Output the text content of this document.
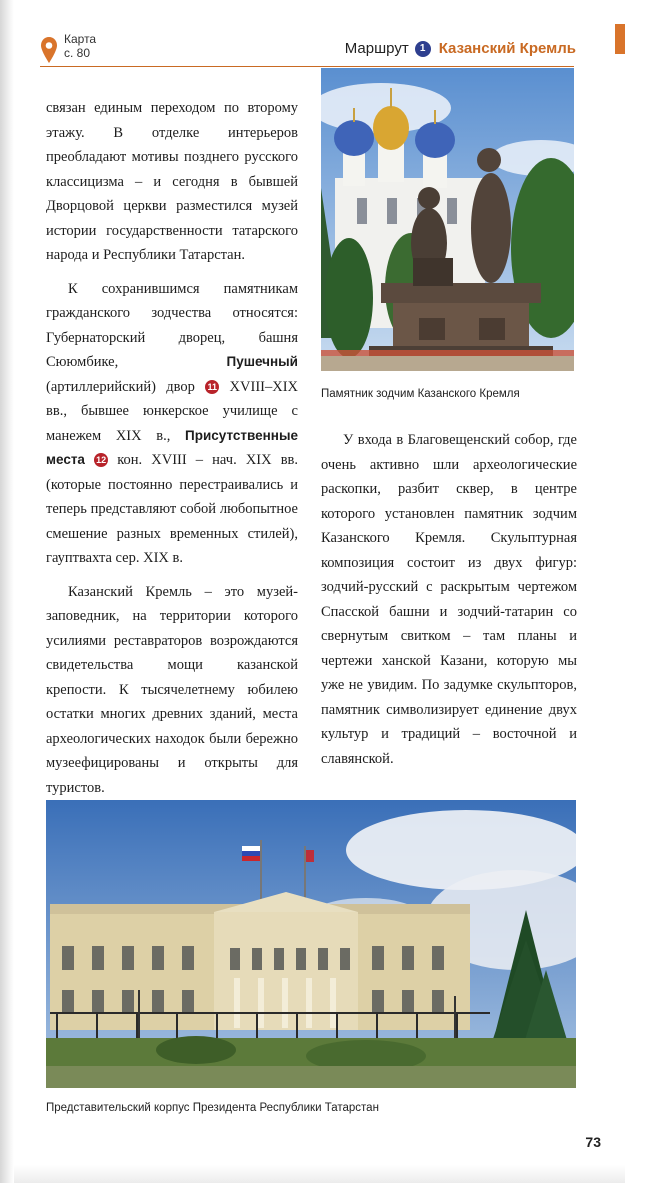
Карта
с. 80	Маршрут	1 Казанский Кремль

связан единым переходом по второму этажу. В отделке интерьеров преобладают мотивы позднего русского классицизма – и сегодня в бывшей Дворцовой церкви разместился музей истории государственности татарского народа и Республики Татарстан.

К сохранившимся памятникам гражданского зодчества относятся: Губернаторский дворец, башня Сююмбике,	Пушечный (артиллерийский) двор 11 XVIII–XIX вв., бывшее юнкерское училище с манежем XIX в., Присутственные места 12 кон. XVIII – нач. XIX вв. (которые постоянно перестраивались и теперь представляют собой любопытное смешение разных временных стилей), гауптвахта сер. XIX в.

Казанский Кремль – это музей-заповедник, на территории которого усилиями реставраторов возрождаются свидетельства мощи казанской крепости. К тысячелетнему юбилею остатки многих древних зданий, места археологических находок были бережно музеефицированы и открыты для туристов.

Памятник зодчим Казанского Кремля

У входа в Благовещенский собор, где очень активно шли археологические раскопки, разбит сквер, в центре которого установлен памятник зодчим Казанского Кремля. Скульптурная композиция состоит из двух фигур: зодчий-русский с раскрытым чертежом Спасской башни и зодчий-татарин со свернутым свитком – там планы и чертежи ханской Казани, которую мы уже не увидим. По задумке скульпторов, памятник символизирует единение двух культур и традиций – восточной и славянской.

Представительский корпус Президента Республики Татарстан
73
